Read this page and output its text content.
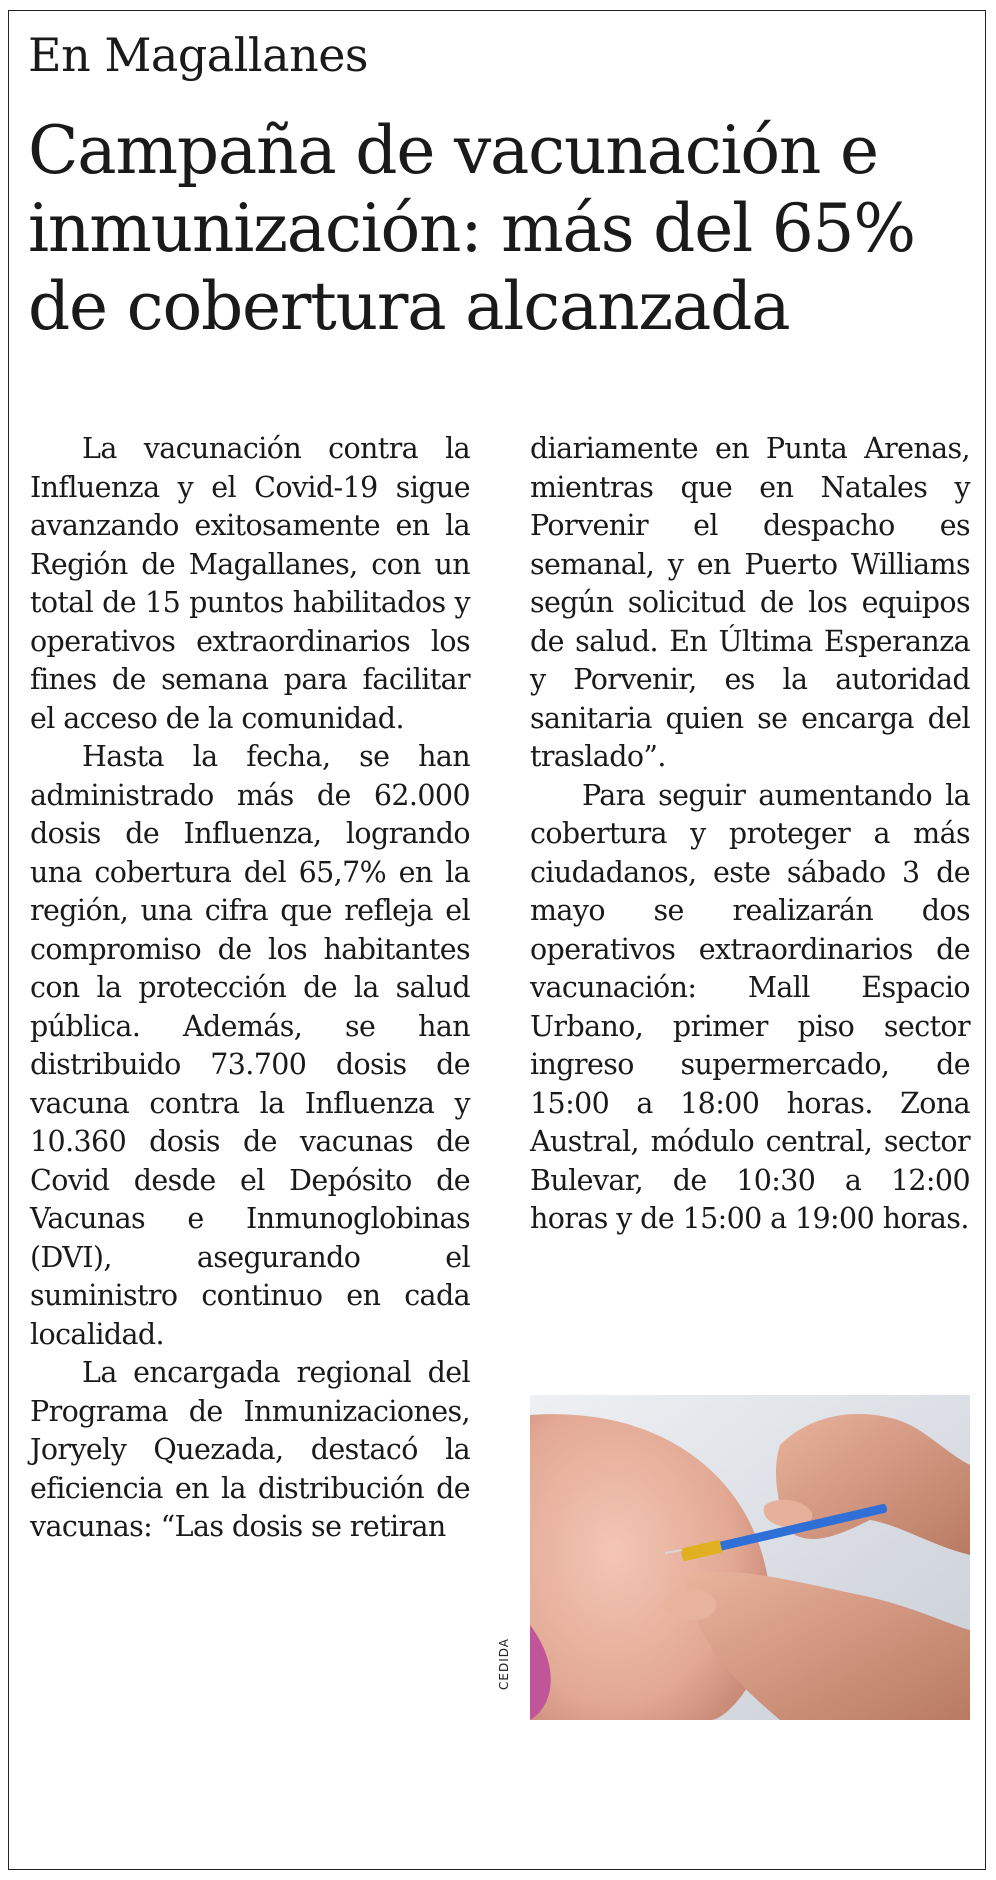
En Magallanes
Campaña de vacunación e inmunización: más del 65% de cobertura alcanzada

La vacunación contra la Influenza y el Covid-19 sigue avanzando exitosamente en la Región de Magallanes, con un total de 15 puntos habilitados y operativos extraordinarios los fines de semana para facilitar el acceso de la comunidad.

Hasta la fecha, se han administrado más de 62.000 dosis de Influenza, logrando una cobertura del 65,7% en la región, una cifra que refleja el compromiso de los habitantes con la protección de la salud pública. Además, se han distribuido 73.700 dosis de vacuna contra la Influenza y 10.360 dosis de vacunas de Covid desde el Depósito de Vacunas e Inmunoglobinas (DVI), asegurando el suministro continuo en cada localidad.

La encargada regional del Programa de Inmunizaciones, Joryely Quezada, destacó la eficiencia en la distribución de vacunas: “Las dosis se retiran

diariamente en Punta Arenas, mientras que en Natales y Porvenir el despacho es semanal, y en Puerto Williams según solicitud de los equipos de salud. En Última Esperanza y Porvenir, es la autoridad sanitaria quien se encarga del traslado”.

Para seguir aumentando la cobertura y proteger a más ciudadanos, este sábado 3 de mayo se realizarán dos operativos extraordinarios de vacunación: Mall Espacio Urbano, primer piso sector ingreso supermercado, de 15:00 a 18:00 horas. Zona Austral, módulo central, sector Bulevar, de 10:30 a 12:00 horas y de 15:00 a 19:00 horas.

CEDIDA
